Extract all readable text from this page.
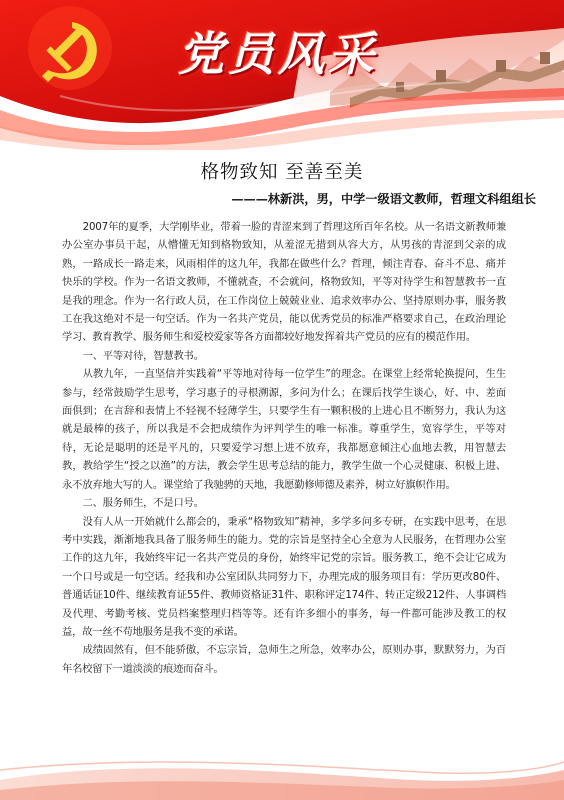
党员风采
格物致知 至善至美
———林新洪，男，中学一级语文教师，哲理文科组组长

2007年的夏季，大学刚毕业，带着一脸的青涩来到了哲理这所百年名校。从一名语文新教师兼办公室办事员干起，从懵懂无知到格物致知，从羞涩无措到从容大方，从男孩的青涩到父亲的成熟，一路成长一路走来，风雨相伴的这九年，我都在做些什么？哲理，倾注青春、奋斗不息、痛并快乐的学校。作为一名语文教师，不懂就查，不会就问，格物致知，平等对待学生和智慧教书一直是我的理念。作为一名行政人员，在工作岗位上兢兢业业、追求效率办公、坚持原则办事，服务教工在我这绝对不是一句空话。作为一名共产党员，能以优秀党员的标准严格要求自己，在政治理论学习、教育教学、服务师生和爱校爱家等各方面都较好地发挥着共产党员的应有的模范作用。

一、平等对待，智慧教书。

从教九年，一直坚信并实践着“平等地对待每一位学生”的理念。在课堂上经常轮换提问，生生参与，经常鼓励学生思考，学习惠子的寻根溯源，多问为什么；在课后找学生谈心，好、中、差面面俱到；在言辞和表情上不轻视不轻薄学生，只要学生有一颗积极的上进心且不断努力，我认为这就是最棒的孩子，所以我是不会把成绩作为评判学生的唯一标准。尊重学生，宽容学生，平等对待，无论是聪明的还是平凡的，只要爱学习想上进不放弃，我都愿意倾注心血地去教，用智慧去教，教给学生“授之以渔”的方法，教会学生思考总结的能力，教学生做一个心灵健康、积极上进、永不放弃地大写的人。课堂给了我驰骋的天地，我愿勤修师德及素养，树立好旗帜作用。

二、服务师生，不是口号。

没有人从一开始就什么都会的，秉承“格物致知”精神，多学多问多专研，在实践中思考，在思考中实践，渐渐地我具备了服务师生的能力。党的宗旨是坚持全心全意为人民服务，在哲理办公室工作的这九年，我始终牢记一名共产党员的身份，始终牢记党的宗旨。服务教工，绝不会让它成为一个口号或是一句空话。经我和办公室团队共同努力下，办理完成的服务项目有：学历更改80件、普通话证10件、继续教育证55件、教师资格证31件、职称评定174件、转正定级212件、人事调档及代理、考勤考核、党员档案整理归档等等。还有许多细小的事务，每一件都可能涉及教工的权益，故一丝不苟地服务是我不变的承诺。

成绩固然有，但不能骄傲，不忘宗旨，急师生之所急，效率办公，原则办事，默默努力，为百年名校留下一道淡淡的痕迹而奋斗。
